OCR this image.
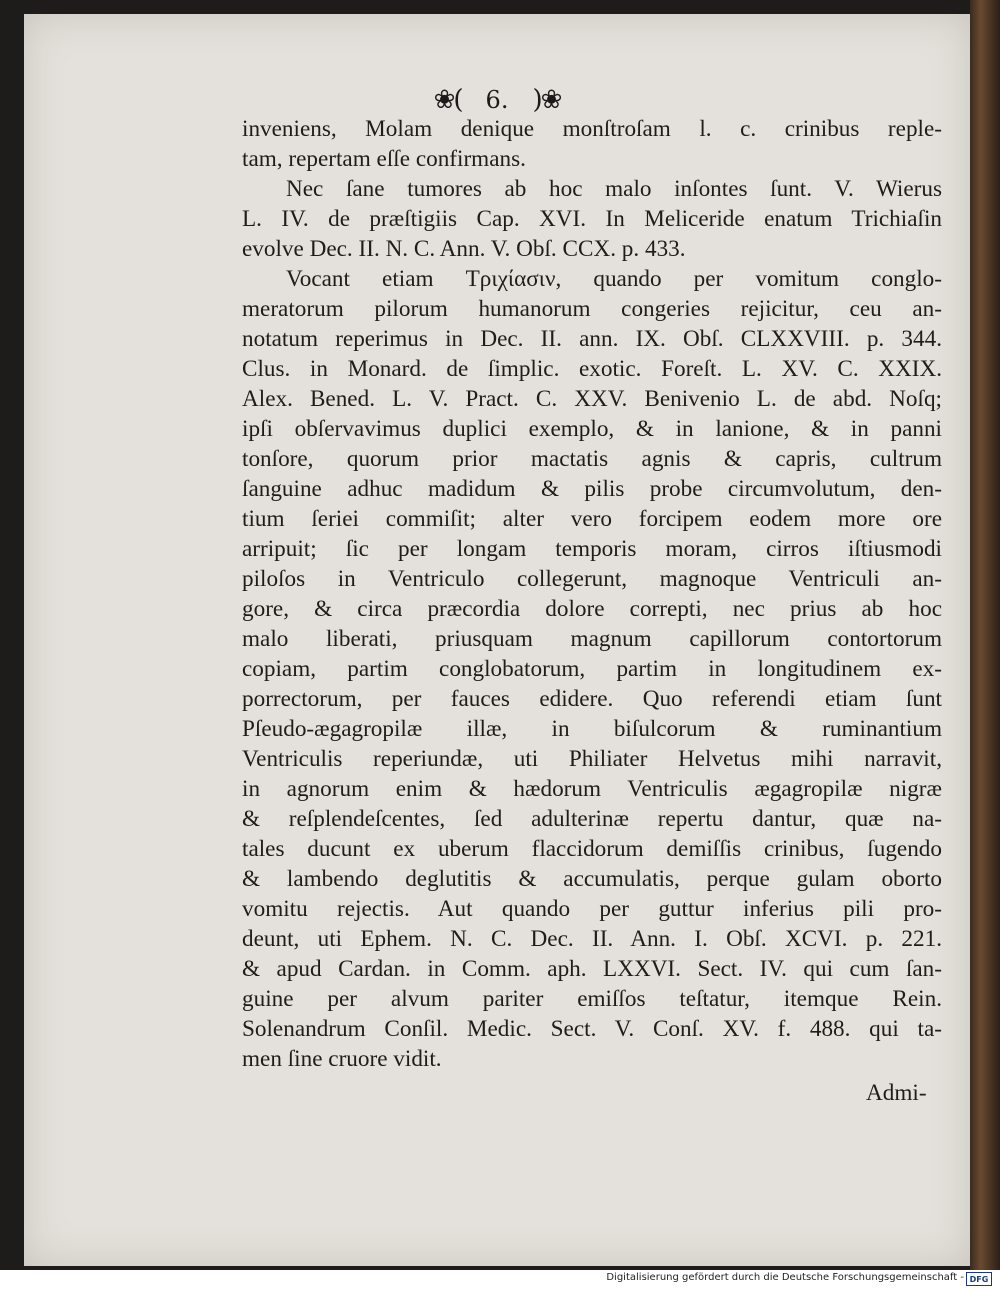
❀(	6. )❀
inveniens, Molam denique monſtroſam l. c. crinibus reple-
tam, repertam eſſe confirmans.
Nec ſane tumores ab hoc malo inſontes ſunt. V. Wierus
L. IV. de præſtigiis Cap. XVI. In Meliceride enatum Trichiaſin
evolve Dec. II. N. C. Ann. V. Obſ. CCX. p. 433.
Vocant etiam Τριχίασιν, quando per vomitum conglo-
meratorum pilorum humanorum congeries rejicitur, ceu an-
notatum reperimus in Dec. II. ann. IX. Obſ. CLXXVIII. p. 344.
Clus. in Monard. de ſimplic. exotic. Foreſt. L. XV. C. XXIX.
Alex. Bened. L. V. Pract. C. XXV. Benivenio L. de abd. Noſq;
ipſi obſervavimus duplici exemplo, & in lanione, & in panni
tonſore, quorum prior mactatis agnis & capris, cultrum
ſanguine adhuc madidum & pilis probe circumvolutum, den-
tium ſeriei commiſit; alter vero forcipem eodem more ore
arripuit; ſic per longam temporis moram, cirros iſtiusmodi
piloſos in Ventriculo collegerunt, magnoque Ventriculi an-
gore, & circa præcordia dolore correpti, nec prius ab hoc
malo liberati, priusquam magnum capillorum contortorum
copiam, partim conglobatorum, partim in longitudinem ex-
porrectorum, per fauces edidere. Quo referendi etiam ſunt
Pſeudo-ægagropilæ illæ, in biſulcorum & ruminantium
Ventriculis reperiundæ, uti Philiater Helvetus mihi narravit,
in agnorum enim & hædorum Ventriculis ægagropilæ nigræ
& reſplendeſcentes, ſed adulterinæ repertu dantur, quæ na-
tales ducunt ex uberum flaccidorum demiſſis crinibus, ſugendo
& lambendo deglutitis & accumulatis, perque gulam oborto
vomitu rejectis. Aut quando per guttur inferius pili pro-
deunt, uti Ephem. N. C. Dec. II. Ann. I. Obſ. XCVI. p. 221.
& apud Cardan. in Comm. aph. LXXVI. Sect. IV. qui cum ſan-
guine per alvum pariter emiſſos teſtatur, itemque Rein.
Solenandrum Conſil. Medic. Sect. V. Conſ. XV. f. 488. qui ta-
men ſine cruore vidit.
Admi-
Digitalisierung gefördert durch die Deutsche Forschungsgemeinschaft - DFG
